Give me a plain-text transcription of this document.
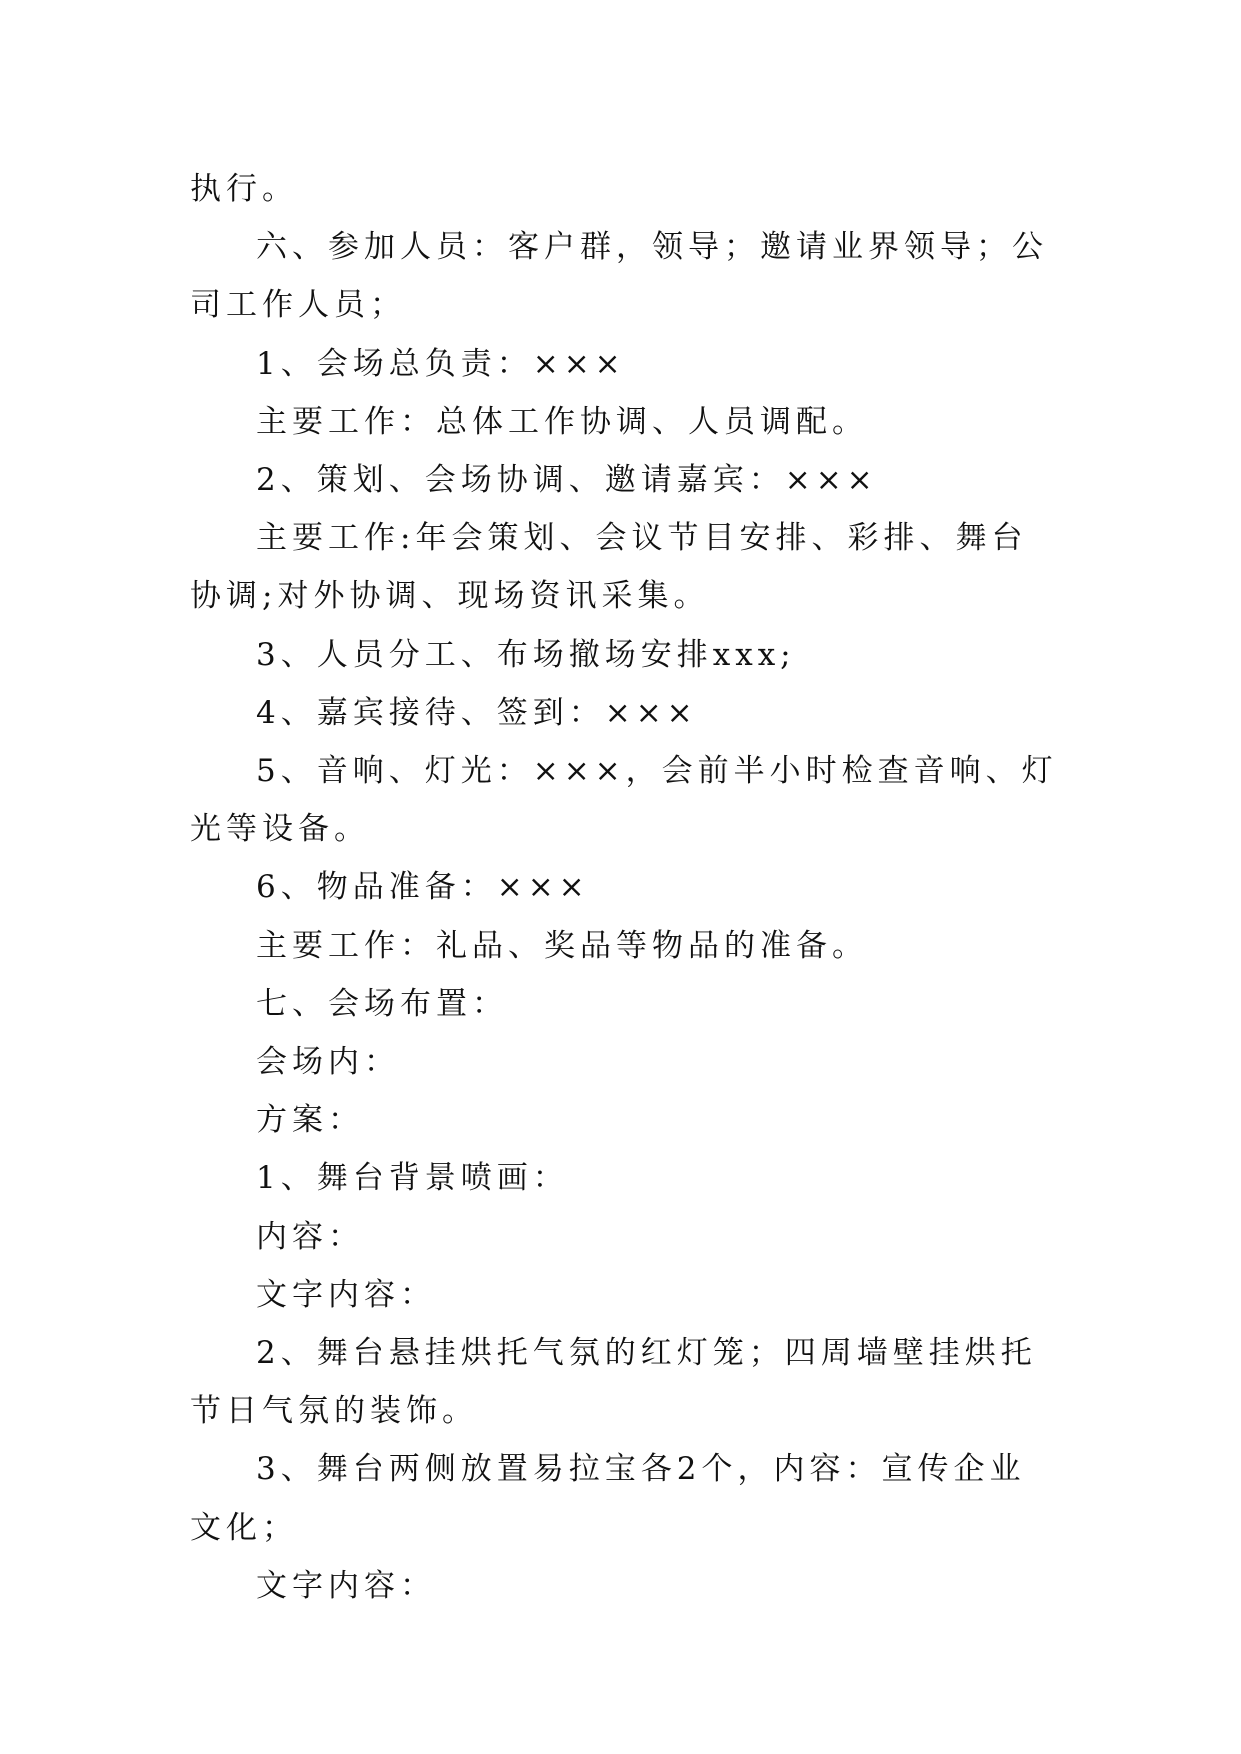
执行。

六、参加人员：客户群，领导；邀请业界领导；公司工作人员；

1、会场总负责：×××

主要工作：总体工作协调、人员调配。

2、策划、会场协调、邀请嘉宾：×××

主要工作:年会策划、会议节目安排、彩排、舞台协调;对外协调、现场资讯采集。

3、人员分工、布场撤场安排xxx;

4、嘉宾接待、签到：×××

5、音响、灯光：×××，会前半小时检查音响、灯光等设备。

6、物品准备：×××

主要工作：礼品、奖品等物品的准备。

七、会场布置：

会场内：

方案：

1、舞台背景喷画：

内容：

文字内容：

2、舞台悬挂烘托气氛的红灯笼；四周墙壁挂烘托节日气氛的装饰。

3、舞台两侧放置易拉宝各2个，内容：宣传企业文化；

文字内容：
